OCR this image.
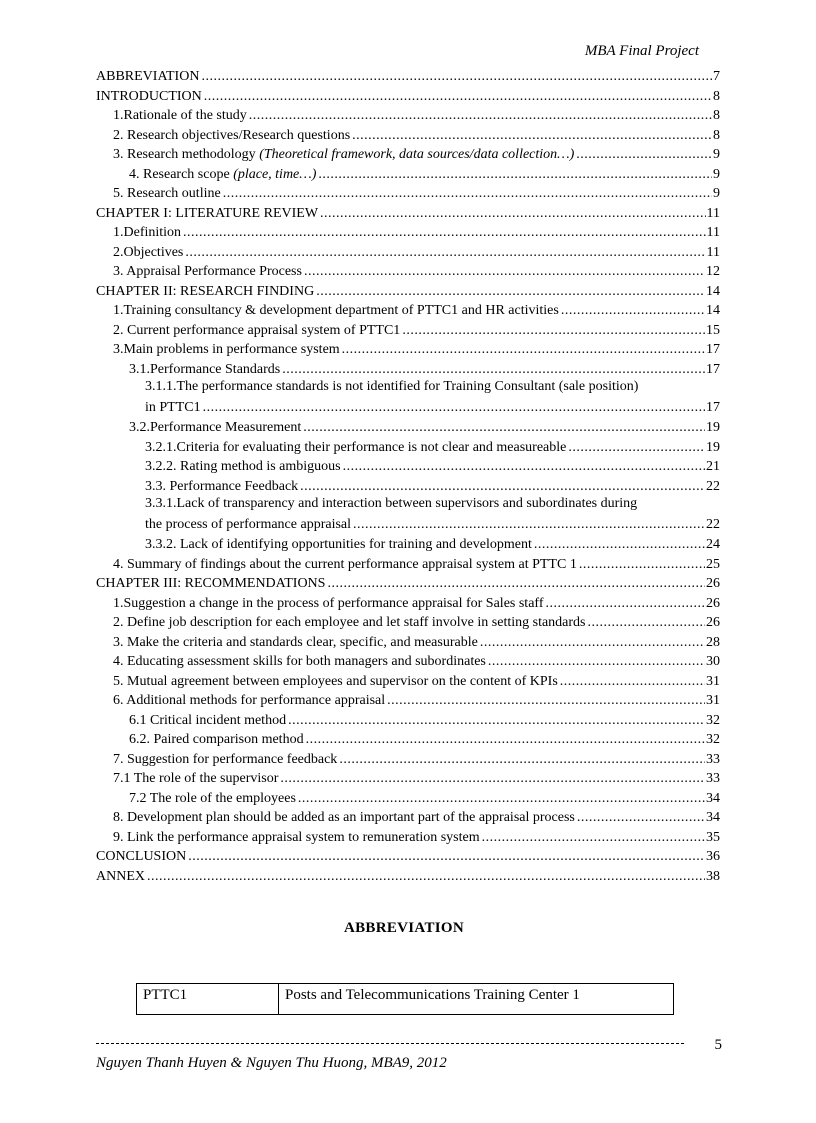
MBA Final Project
ABBREVIATION .....	7
INTRODUCTION .....	8
1.Rationale of the study .....	8
2. Research objectives/Research questions .....	8
3. Research methodology (Theoretical framework, data sources/data collection…) .....	9
4. Research scope (place, time…) .....	9
5. Research outline .....	9
CHAPTER I: LITERATURE REVIEW .....	11
1.Definition .....	11
2.Objectives .....	11
3. Appraisal Performance Process .....	12
CHAPTER II: RESEARCH FINDING .....	14
1.Training consultancy & development department of PTTC1 and HR activities .....	14
2. Current performance appraisal system of PTTC1 .....	15
3.Main problems in performance system .....	17
3.1.Performance Standards .....	17
3.1.1.The performance standards is not identified for Training Consultant (sale position)
in PTTC1 .....	17
3.2.Performance Measurement .....	19
3.2.1.Criteria for evaluating their performance is not clear and measureable .....	19
3.2.2. Rating method is ambiguous .....	21
3.3. Performance Feedback .....	22
3.3.1.Lack of transparency and interaction between supervisors and subordinates during
the process of performance appraisal .....	22
3.3.2. Lack of identifying opportunities for training and development .....	24
4. Summary of findings about the current performance appraisal system at PTTC 1 .....	25
CHAPTER III: RECOMMENDATIONS .....	26
1.Suggestion a change in the process of performance appraisal for Sales staff .....	26
2. Define job description for each employee and let staff involve in setting standards .....	26
3. Make the criteria and standards clear, specific, and measurable .....	28
4. Educating assessment skills for both managers and subordinates .....	30
5. Mutual agreement between employees and supervisor on the content of KPIs .....	31
6. Additional methods for performance appraisal .....	31
6.1 Critical incident method .....	32
6.2. Paired comparison method .....	32
7. Suggestion for performance feedback .....	33
7.1 The role of the supervisor .....	33
7.2 The role of the employees .....	34
8. Development plan should be added as an important part of the appraisal process .....	34
9. Link the performance appraisal system to remuneration system .....	35
CONCLUSION .....	36
ANNEX .....	38
ABBREVIATION
PTTC1	Posts and Telecommunications Training Center 1
5
Nguyen Thanh Huyen & Nguyen Thu Huong, MBA9, 2012
